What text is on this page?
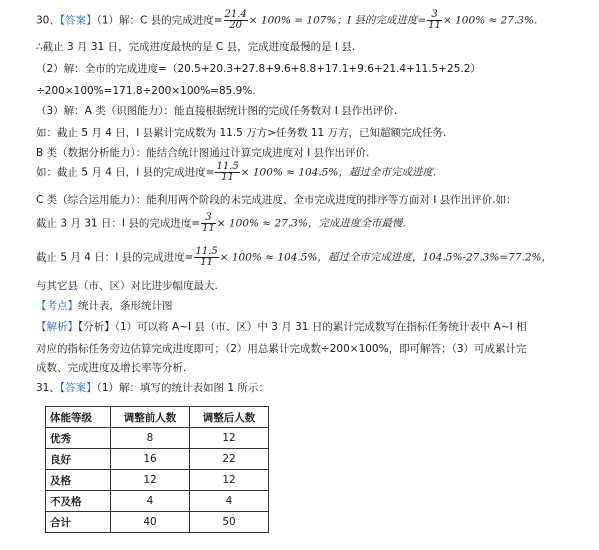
30、【答案】（1）解：C 县的完成进度= $\frac{21.4}{20} \times 100\% = 107\%$；I 县的完成进度= $\frac{3}{11} \times 100\% \approx 27.3\%$.
∴截止 3 月 31 日，完成进度最快的是 C 县，完成进度最慢的是 I 县.
（2）解：全市的完成进度=（20.5+20.3+27.8+9.6+8.8+17.1+9.6+21.4+11.5+25.2）
÷200×100%=171.8÷200×100%=85.9%.
（3）解：A 类（识图能力）：能直接根据统计图的完成任务数对 I 县作出评价.
如：截止 5 月 4 日，I 县累计完成数为 11.5 万方>任务数 11 万方，已知超额完成任务.
B 类（数据分析能力）：能结合统计图通过计算完成进度对 I 县作出评价.
如：截止 5 月 4 日，I 县的完成进度= $\frac{11.5}{11} \times 100\% \approx 104.5\%$，超过全市完成进度.
C 类（综合运用能力）：能利用两个阶段的未完成进度、全市完成进度的排序等方面对 I 县作出评价.如：
截止 3 月 31 日：I 县的完成进度= $\frac{3}{11} \times 100\% \approx 27.3\%$，完成进度全市最慢.
截止 5 月 4 日：I 县的完成进度= $\frac{11.5}{11} \times 100\% \approx 104.5\%$，超过全市完成进度，104.5%-27.3%=77.2%，
与其它县（市、区）对比进步幅度最大.
【考点】统计表，条形统计图
【解析】【分析】（1）可以将 A~I 县（市、区）中 3 月 31 日的累计完成数写在指标任务统计表中 A~I 相
对应的指标任务旁边估算完成进度即可；（2）用总累计完成数÷200×100%，即可解答；（3）可成累计完
成数、完成进度及增长率等分析.
31、【答案】（1）解：填写的统计表如图 1 所示：
体能等级	调整前人数	调整后人数
优秀	8	12
良好	16	22
及格	12	12
不及格	4	4
合计	40	50
